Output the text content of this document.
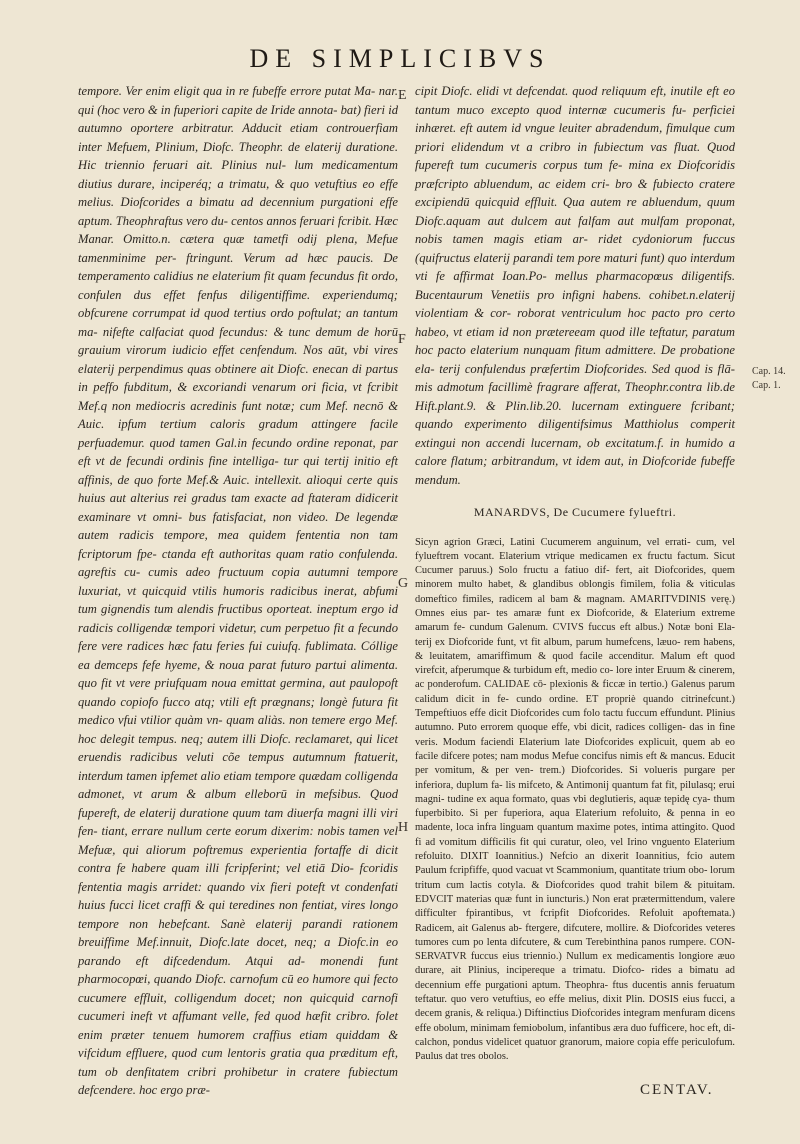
DE SIMPLICIBVS
tempore. Ver enim eligit qua in re fubeffe errore putat Ma- nar. qui (hoc vero & in fuperiori capite de Iride annota- bat) fieri id autumno oportere arbitratur. Adducit etiam controuerfiam inter Mefuem, Plinium, Diofc. Theophr. de elaterij duratione. Hic triennio feruari ait. Plinius nul- lum medicamentum diutius durare, inciperéq; a trimatu, & quo vetuftius eo effe melius. Diofcorides a bimatu ad decennium purgationi effe aptum. Theophraftus vero du- centos annos feruari fcribit. Hæc Manar. Omitto.n. cætera quæ tametfi odij plena, Mefue tamenminime per- ftringunt. Verum ad hæc paucis. De temperamento calidius ne elaterium fit quam fecundus fit ordo, confulen dus effet fenfus diligentiffime. experiendumq; obfcurene corrumpat id quod tertius ordo poftulat; an tantum ma- nifefte calfaciat quod fecundus: & tunc demum de horū grauium virorum iudicio effet cenfendum. Nos aūt, vbi vires elaterij perpendimus quas obtinere ait Diofc. enecan di partus in peffo fubditum, & excoriandi venarum ori ficia, vt fcribit Mef.q non mediocris acredinis funt notæ; cum Mef. necnō & Auic. ipfum tertium caloris gradum attingere facile perfuademur. quod tamen Gal.in fecundo ordine reponat, par eft vt de fecundi ordinis fine intelliga- tur qui tertij initio eft affinis, de quo forte Mef.& Auic. intellexit. alioqui certe quis huius aut alterius rei gradus tam exacte ad ftateram didicerit examinare vt omni- bus fatisfaciat, non video. De legendæ autem radicis tempore, mea quidem fententia non tam fcriptorum fpe- ctanda eft authoritas quam ratio confulenda. agreftis cu- cumis adeo fructuum copia autumni tempore luxuriat, vt quicquid vtilis humoris radicibus inerat, abfumi tum gignendis tum alendis fructibus oporteat. ineptum ergo id radicis colligendæ tempori videtur, cum perpetuo fit a fecundo fere vere radices hæc fatu feries fui cuiufq. fublimata. Cóllige ea demceps fefe hyeme, & noua parat futuro partui alimenta. quo fit vt vere priufquam noua emittat germina, aut paulopoft quando copiofo fucco atq; vtili eft prægnans; longè futura fit medico vfui vtilior quàm vn- quam aliàs. non temere ergo Mef. hoc delegit tempus. neq; autem illi Diofc. reclamaret, qui licet eruendis radicibus veluti cõe tempus autumnum ftatuerit, interdum tamen ipfemet alio etiam tempore quædam colligenda admonet, vt arum & album elleborū in mefsibus. Quod fupereft, de elaterij duratione quum tam diuerfa magni illi viri fen- tiant, errare nullum certe eorum dixerim: nobis tamen vel Mefuæ, qui aliorum poftremus experientia fortaffe di dicit contra fe habere quam illi fcripferint; vel etiā Dio- fcoridis fententia magis arridet: quando vix fieri poteft vt condenfati huius fucci licet craffi & qui teredines non fentiat, vires longo tempore non hebefcant. Sanè elaterij parandi rationem breuiffime Mef.innuit, Diofc.late docet, neq; a Diofc.in eo parando eft difcedendum. Atqui ad- monendi funt pharmocopœi, quando Diofc. carnofum cū eo humore qui fecto cucumere effluit, colligendum docet; non quicquid carnofi cucumeri ineft vt affumant velle, fed quod hæfit cribro. folet enim præter tenuem humorem craffius etiam quiddam & vifcidum effluere, quod cum lentoris gratia qua præditum eft, tum ob denfitatem cribri prohibetur in cratere fubiectum defcendere. hoc ergo præ-
cipit Diofc. elidi vt defcendat. quod reliquum eft, inutile eft eo tantum muco excepto quod internæ cucumeris fu- perficiei inhæret. eft autem id vngue leuiter abradendum, fimulque cum priori elidendum vt a cribro in fubiectum vas fluat. Quod fupereft tum cucumeris corpus tum fe- mina ex Diofcoridis præfcripto abluendum, ac eidem cri- bro & fubiecto cratere excipiendū quicquid effluit. Qua autem re abluendum, quum Diofc.aquam aut dulcem aut falfam aut mulfam proponat, nobis tamen magis etiam ar- ridet cydoniorum fuccus (quifructus elaterij parandi tem pore maturi funt) quo interdum vti fe affirmat Ioan.Po- mellus pharmacopœus diligentifs. Bucentaurum Venetiis pro infigni habens. cohibet.n.elaterij violentiam & cor- roborat ventriculum hoc pacto pro certo habeo, vt etiam id non prætereeam quod ille teftatur, paratum hoc pacto elaterium nunquam fitum admittere. De probatione ela- terij confulendus præfertim Diofcorides. Sed quod is flā- mis admotum facillimè fragrare afferat, Theophr.contra lib.de Hift.plant.9. & Plin.lib.20. lucernam extinguere fcribant; quando experimento diligentifsimus Matthiolus comperit extingui non accendi lucernam, ob excitatum.f. in humido a calore flatum; arbitrandum, vt idem aut, in Diofcoride fubeffe mendum.
MANARDVS, De Cucumere fylueftri.
Sicyn agrion Græci, Latini Cucumerem anguinum, vel errati- cum, vel fylueftrem vocant. Elaterium vtrique medicamen ex fructu factum. Sicut Cucumer paruus.) Solo fructu a fatiuo dif- fert, ait Diofcorides, quem minorem multo habet, & glandibus oblongis fimilem, folia & viticulas domeftico fimiles, radicem al bam & magnam. AMARITVDINIS verę.) Omnes eius par- tes amaræ funt ex Diofcoride, & Elaterium extreme amarum fe- cundum Galenum. CVIVS fuccus eft albus.) Notæ boni Ela- terij ex Diofcoride funt, vt fit album, parum humefcens, læuo- rem habens, & leuitatem, amariffimum & quod facile accenditur. Malum eft quod virefcit, afperumque & turbidum eft, medio co- lore inter Eruum & cinerem, ac ponderofum. CALIDAE cō- plexionis & ficcæ in tertio.) Galenus parum calidum dicit in fe- cundo ordine. ET propriè quando citrinefcunt.) Tempeftiuos effe dicit Diofcorides cum folo tactu fuccum effundunt. Plinius autumno. Puto errorem quoque effe, vbi dicit, radices colligen- das in fine veris. Modum faciendi Elaterium late Diofcorides explicuit, quem ab eo facile difcere potes; nam modus Mefue concifus nimis eft & mancus. Educit per vomitum, & per ven- trem.) Diofcorides. Si volueris purgare per inferiora, duplum fa- lis mifceto, & Antimonij quantum fat fit, pilulasq; erui magni- tudine ex aqua formato, quas vbi deglutieris, aquæ tepidę cya- thum fuperbibito. Si per fuperiora, aqua Elaterium refoluito, & penna in eo madente, loca infra linguam quantum maxime potes, intima attingito. Quod fi ad vomitum difficilis fit qui curatur, oleo, vel Irino vnguento Elaterium refoluito. DIXIT Ioannitius.) Nefcio an dixerit Ioannitius, fcio autem Paulum fcripfiffe, quod vacuat vt Scammonium, quantitate trium obo- lorum tritum cum lactis cotyla. & Diofcorides quod trahit bilem & pituitam. EDVCIT materias quæ funt in iuncturis.) Non erat prætermittendum, valere difficulter fpirantibus, vt fcripfit Diofcorides. Refoluit apoftemata.) Radicem, ait Galenus ab- ftergere, difcutere, mollire. & Diofcorides veteres tumores cum po lenta difcutere, & cum Terebinthina panos rumpere. CON- SERVATVR fuccus eius triennio.) Nullum ex medicamentis longiore æuo durare, ait Plinius, incipereque a trimatu. Diofco- rides a bimatu ad decennium effe purgationi aptum. Theophra- ftus ducentis annis feruatum teftatur. quo vero vetuftius, eo effe melius, dixit Plin. DOSIS eius fucci, a decem granis, & reliqua.) Diftinctius Diofcorides integram menfuram dicens effe obolum, minimam femiobolum, infantibus æra duo fufficere, hoc eft, di- calchon, pondus videlicet quatuor granorum, maiore copia effe periculofum. Paulus dat tres obolos.
E
F
G
H
Cap. 14.
Cap. 1.
CENTAV.
